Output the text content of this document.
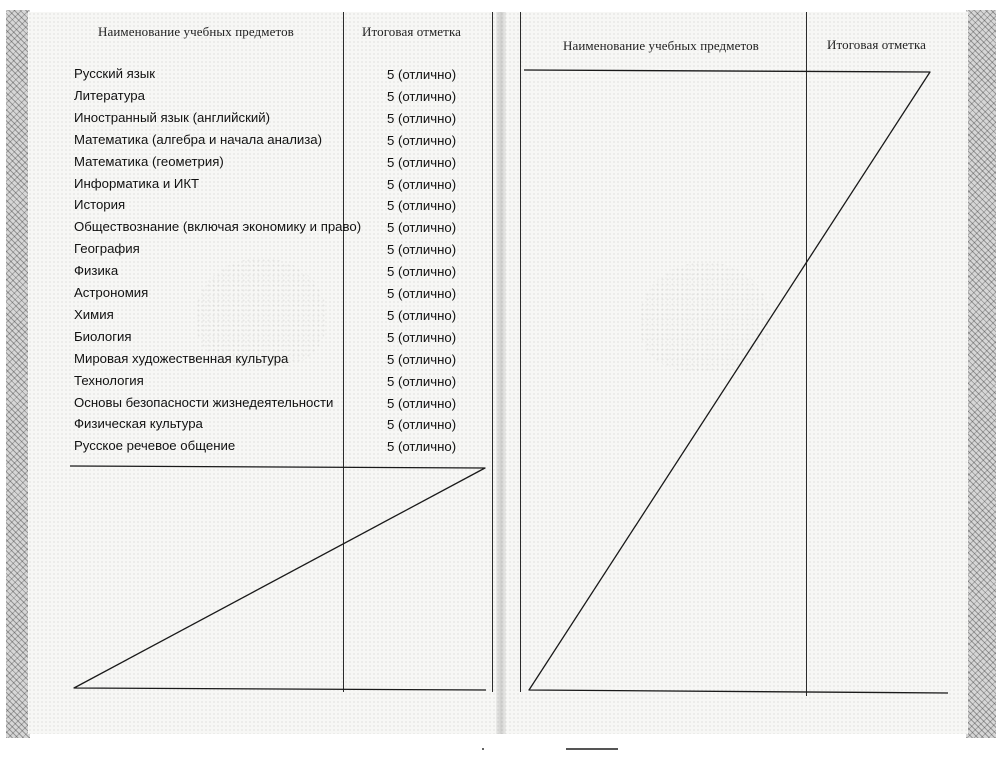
Наименование учебных предметов	Итоговая отметка
Русский язык	5 (отлично)
Литература	5 (отлично)
Иностранный язык (английский)	5 (отлично)
Математика (алгебра и начала анализа)	5 (отлично)
Математика (геометрия)	5 (отлично)
Информатика и ИКТ	5 (отлично)
История	5 (отлично)
Обществознание (включая экономику и право) 5 (отлично)
География	5 (отлично)
Физика	5 (отлично)
Астрономия	5 (отлично)
Химия	5 (отлично)
Биология	5 (отлично)
Мировая художественная культура	5 (отлично)
Технология	5 (отлично)
Основы безопасности жизнедеятельности	5 (отлично)
Физическая культура	5 (отлично)
Русское речевое общение	5 (отлично)
Наименование учебных предметов	Итоговая отметка
